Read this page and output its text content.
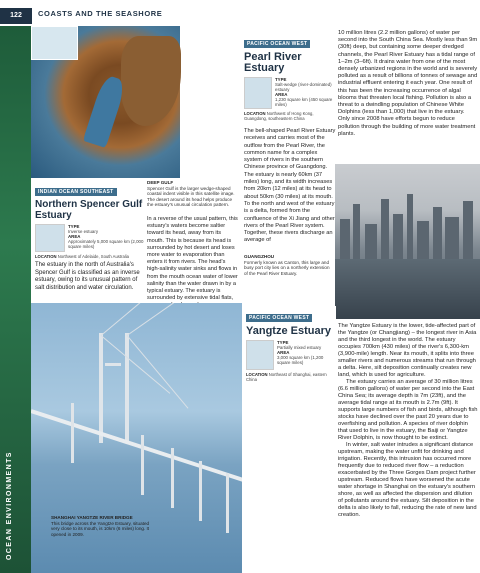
122	COASTS AND THE SEASHORE
OCEAN ENVIRONMENTS
INDIAN OCEAN SOUTHEAST
Northern Spencer Gulf Estuary
TYPE
Inverse estuary
AREA
Approximately 5,000 square km (2,000 square miles)
LOCATION Northwest of Adelaide, South Australia
The estuary in the north of Australia's Spencer Gulf is classified as an inverse estuary, owing to its unusual pattern of salt distribution and water circulation.
DEEP GULF
Spencer Gulf is the larger wedge-shaped coastal indent visible in this satellite image. The desert around its head helps produce the estuary's unusual circulation pattern.
In a reverse of the usual pattern, this estuary's waters become saltier toward its head, away from its mouth. This is because its head is surrounded by hot desert and loses more water to evaporation than enters it from rivers. The head's high-salinity water sinks and flows in from the mouth ocean water of lower salinity than the water drawn in by a typical estuary. The estuary is surrounded by extensive tidal flats,
PACIFIC OCEAN WEST
Pearl River Estuary
TYPE
Salt-wedge (river-dominated) estuary
AREA
1,230 square km (450 square miles)
LOCATION Northwest of Hong Kong, Guangdong, southeastern China
The bell-shaped Pearl River Estuary receives and carries most of the outflow from the Pearl River, the common name for a complex system of rivers in the southern Chinese province of Guangdong. The estuary is nearly 60km (37 miles) long, and its width increases from 20km (12 miles) at its head to about 50km (30 miles) at its mouth. To the north and west of the estuary is a delta, formed from the confluence of the Xi Jiang and other rivers of the Pearl River system. Together, these rivers discharge an average of
GUANGZHOU
Formerly known as Canton, this large and busy port city lies on a northerly extension of the Pearl River Estuary.
10 million litres (2.2 million gallons) of water per second into the South China Sea. Mostly less than 9m (30ft) deep, but containing some deeper dredged channels, the Pearl River Estuary has a tidal range of 1–2m (3–6ft). It drains water from one of the most densely urbanized regions in the world and is severely polluted as a result of billions of tonnes of sewage and industrial effluent entering it each year. One result of this has been the increasing occurrence of algal blooms that threaten local fishing. Pollution is also a threat to a dwindling population of Chinese White Dolphins (less than 1,000) that live in the estuary. Only since 2008 have efforts begun to reduce pollution through the building of more water treatment plants.
SHANGHAI YANGTZE RIVER BRIDGE
This bridge across the Yangtze Estuary, situated very close to its mouth, is 10km (6 miles) long. It opened in 2009.
PACIFIC OCEAN WEST
Yangtze Estuary
TYPE
Partially mixed estuary
AREA
3,000 square km (1,200 square miles)
LOCATION Northeast of Shanghai, eastern China
The Yangtze Estuary is the lower, tide-affected part of the Yangtze (or Changjiang) – the longest river in Asia and the third longest in the world. The estuary occupies 700km (430 miles) of the river's 6,300-km (3,900-mile) length. Near its mouth, it splits into three smaller rivers and numerous streams that run through a delta. Here, silt deposition continually creates new land, which is used for agriculture.
The estuary carries an average of 30 million litres (6.6 million gallons) of water per second into the East China Sea; its average depth is 7m (23ft), and the average tidal range at its mouth is 2.7m (9ft). It supports large numbers of fish and birds, although fish stocks have declined over the past 20 years due to overfishing and pollution. A species of river dolphin that used to live in the estuary, the Baiji or Yangtze River Dolphin, is now thought to be extinct.
In winter, salt water intrudes a significant distance upstream, making the water unfit for drinking and irrigation. Recently, this intrusion has occurred more frequently due to reduced river flow – a reduction exacerbated by the Three Gorges Dam project further upstream. Reduced flows have worsened the acute water shortage in Shanghai on the estuary's southern shore, as well as affected the dispersion and dilution of pollutants around the estuary. Silt deposition in the delta is also likely to fall, reducing the rate of new land creation.
